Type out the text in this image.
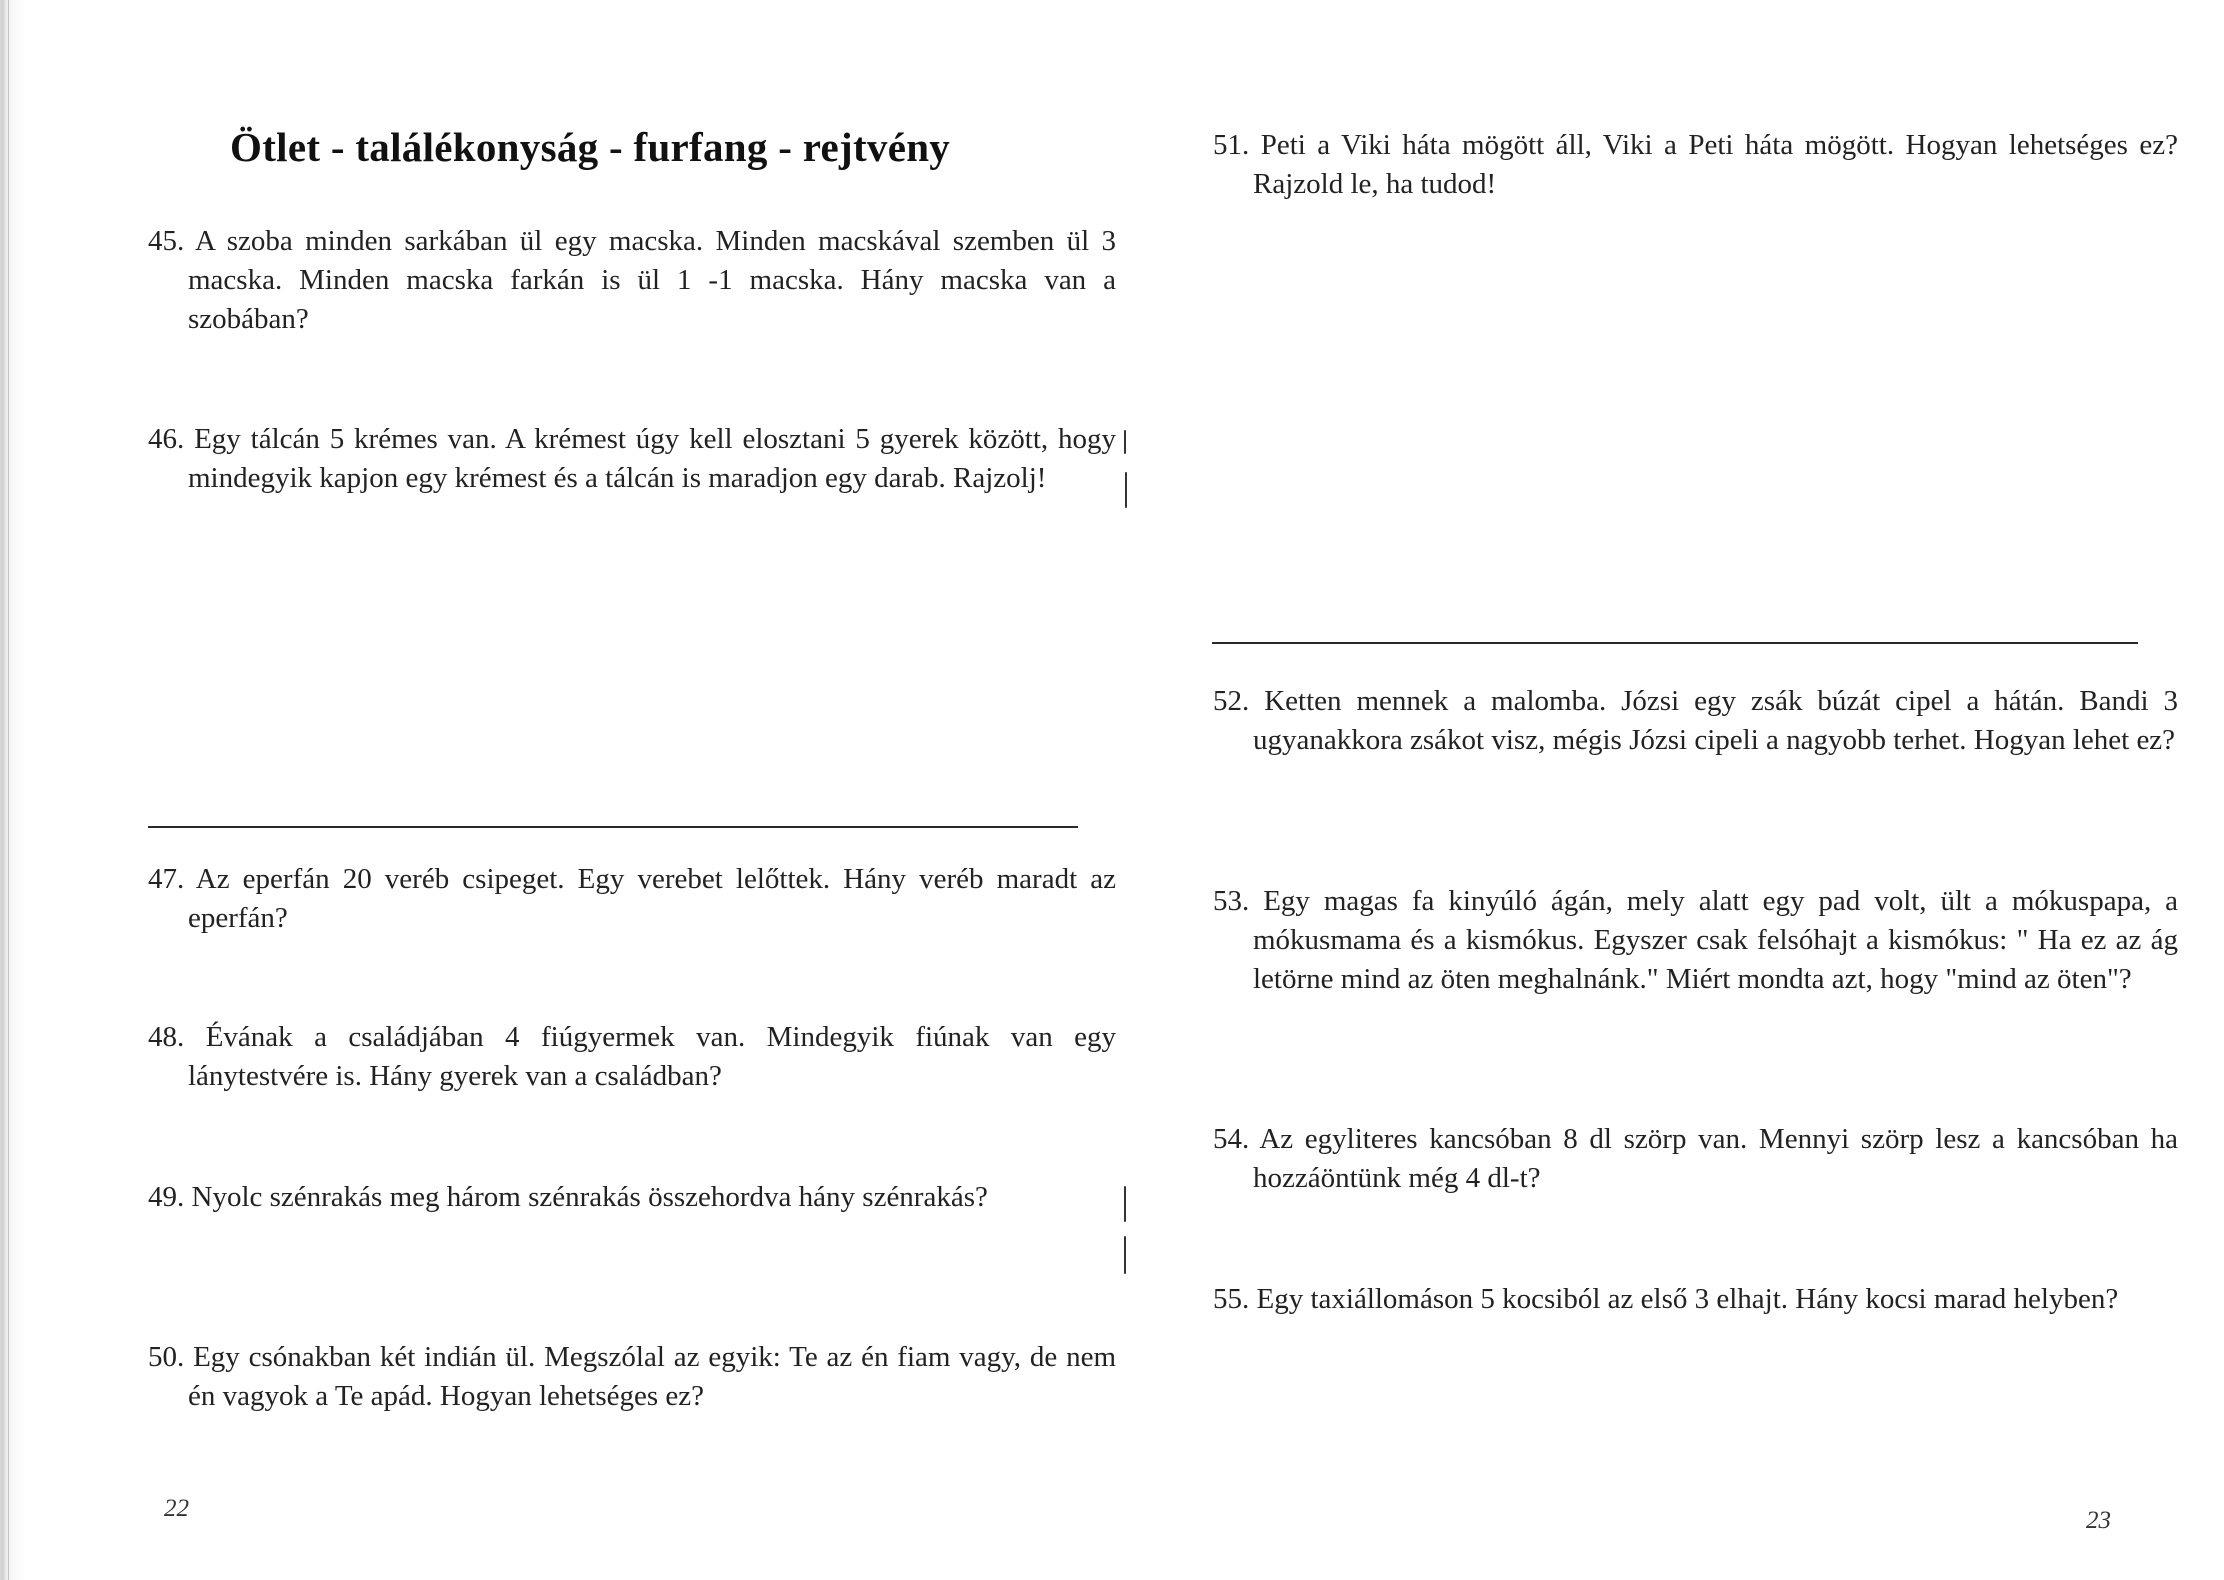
Ötlet - találékonyság - furfang - rejtvény

45. A szoba minden sarkában ül egy macska. Minden macskával szemben ül 3 macska. Minden macska farkán is ül 1 -1 macska. Hány macska van a szobában?

46. Egy tálcán 5 krémes van. A krémest úgy kell elosztani 5 gyerek között, hogy mindegyik kapjon egy krémest és a tálcán is maradjon egy darab. Rajzolj!

47. Az eperfán 20 veréb csipeget. Egy verebet lelőttek. Hány veréb maradt az eperfán?

48. Évának a családjában 4 fiúgyermek van. Mindegyik fiúnak van egy lánytestvére is. Hány gyerek van a családban?

49. Nyolc szénrakás meg három szénrakás összehordva hány szénrakás?

50. Egy csónakban két indián ül. Megszólal az egyik: Te az én fiam vagy, de nem én vagyok a Te apád. Hogyan lehetséges ez?

22

51. Peti a Viki háta mögött áll, Viki a Peti háta mögött. Hogyan lehetséges ez? Rajzold le, ha tudod!

52. Ketten mennek a malomba. Józsi egy zsák búzát cipel a hátán. Bandi 3 ugyanakkora zsákot visz, mégis Józsi cipeli a nagyobb terhet. Hogyan lehet ez?

53. Egy magas fa kinyúló ágán, mely alatt egy pad volt, ült a mókuspapa, a mókusmama és a kismókus. Egyszer csak felsóhajt a kismókus: " Ha ez az ág letörne mind az öten meghalnánk." Miért mondta azt, hogy "mind az öten"?

54. Az egyliteres kancsóban 8 dl szörp van. Mennyi szörp lesz a kancsóban ha hozzáöntünk még 4 dl-t?

55. Egy taxiállomáson 5 kocsiból az első 3 elhajt. Hány kocsi marad helyben?

23
